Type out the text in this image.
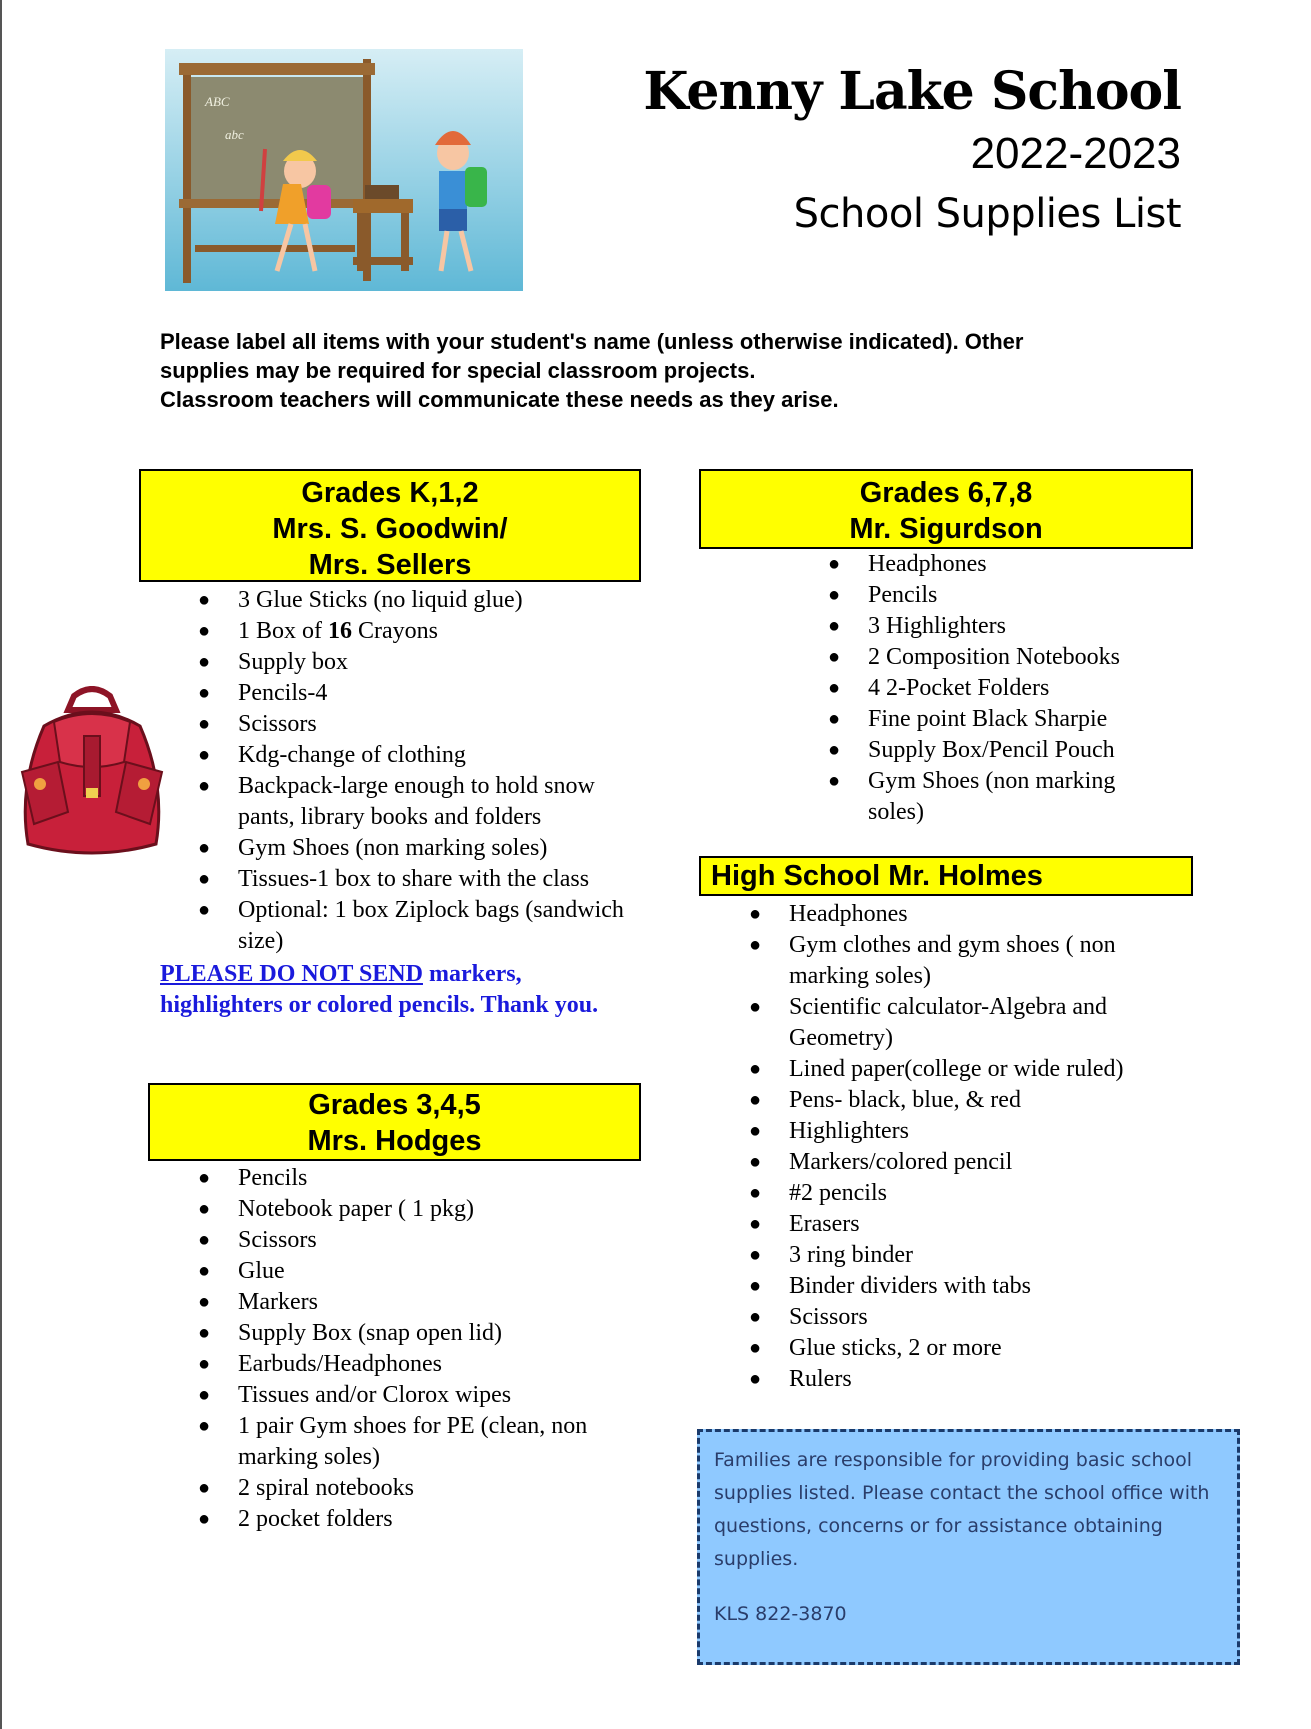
ABC
abc
Kenny Lake School
2022-2023
School Supplies List

Please label all items with your student's name (unless otherwise indicated). Other

supplies may be required for special classroom projects.

Classroom teachers will communicate these needs as they arise.

Grades K,1,2
Mrs. S. Goodwin/
Mrs. Sellers
● 3 Glue Sticks (no liquid glue)
● 1 Box of 16 Crayons
● Supply box
● Pencils-4
● Scissors
● Kdg-change of clothing
● Backpack-large enough to hold snow pants, library books and folders
● Gym Shoes (non marking soles)
● Tissues-1 box to share with the class
● Optional: 1 box Ziplock bags (sandwich size)
PLEASE DO NOT SEND markers, highlighters or colored pencils. Thank you.
Grades 3,4,5
Mrs. Hodges
● Pencils
● Notebook paper ( 1 pkg)
● Scissors
● Glue
● Markers
● Supply Box (snap open lid)
● Earbuds/Headphones
● Tissues and/or Clorox wipes
● 1 pair Gym shoes for PE (clean, non marking soles)
● 2 spiral notebooks
● 2 pocket folders
Grades 6,7,8
Mr. Sigurdson
● Headphones
● Pencils
● 3 Highlighters
● 2 Composition Notebooks
● 4 2-Pocket Folders
● Fine point Black Sharpie
● Supply Box/Pencil Pouch
● Gym Shoes (non marking soles)
High School Mr. Holmes
● Headphones
● Gym clothes and gym shoes ( non marking soles)
● Scientific calculator-Algebra and Geometry)
● Lined paper(college or wide ruled)
● Pens- black, blue, & red
● Highlighters
● Markers/colored pencil
● #2 pencils
● Erasers
● 3 ring binder
● Binder dividers with tabs
● Scissors
● Glue sticks, 2 or more
● Rulers

Families are responsible for providing basic school supplies listed. Please contact the school office with questions, concerns or for assistance obtaining supplies.

KLS 822-3870
